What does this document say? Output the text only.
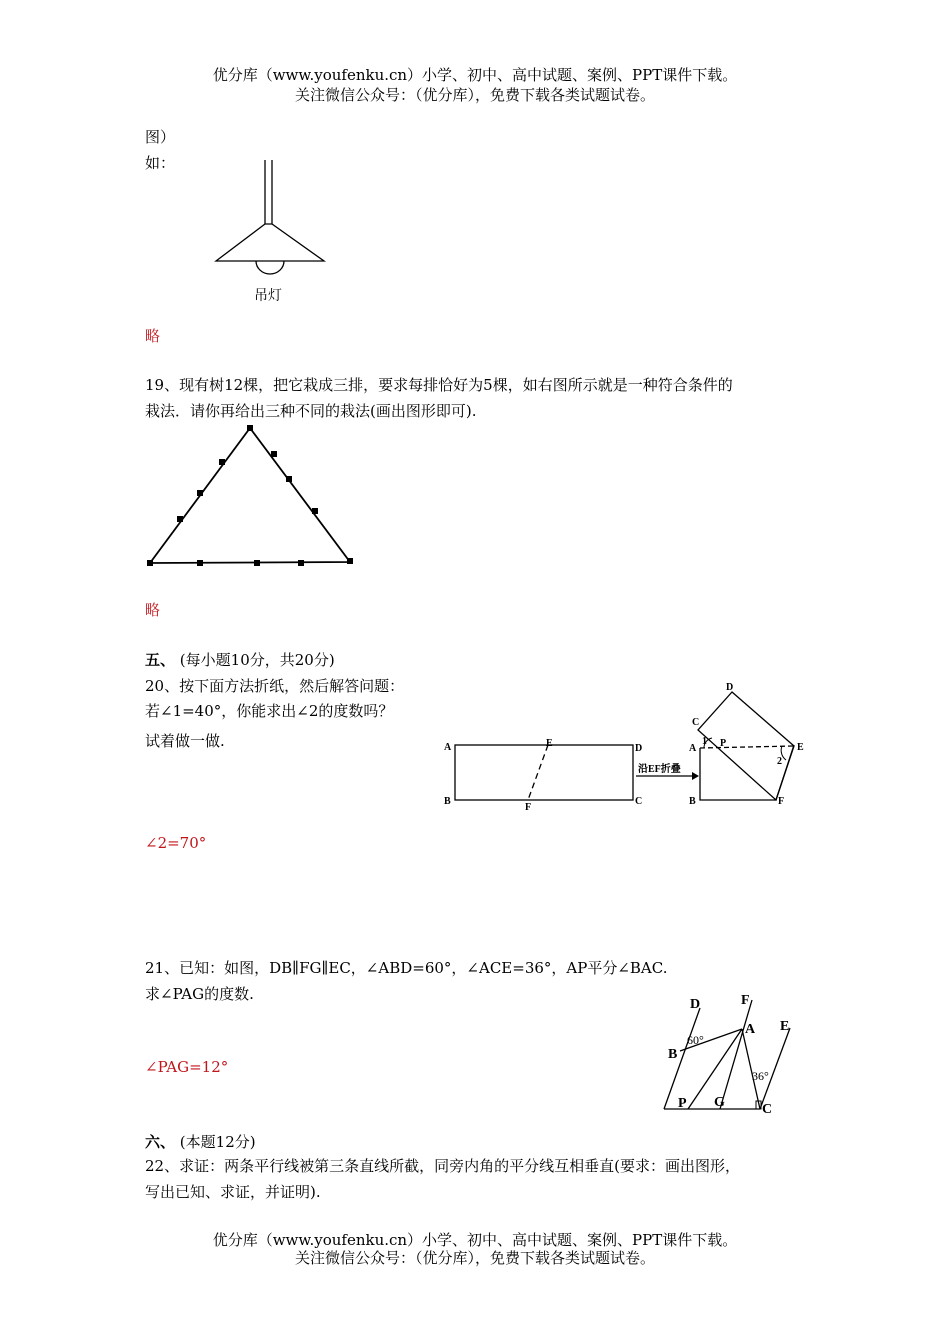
优分库（www.youfenku.cn）小学、初中、高中试题、案例、PPT课件下载。
关注微信公众号：（优分库），免费下载各类试题试卷。
图）
如：
吊灯
略
19、现有树12棵，把它栽成三排，要求每排恰好为5棵，如右图所示就是一种符合条件的
栽法．请你再给出三种不同的栽法(画出图形即可).
略
五、 (每小题10分，共20分)
20、按下面方法折纸，然后解答问题：
若∠1=40°，你能求出∠2的度数吗？
试着做一做.	A	E	D
B
F
C
沿EF折叠
D
C
A
1 P	E
2
B	F
∠2=70°
21、已知：如图，DB∥FG∥EC，∠ABD=60°，∠ACE=36°，AP平分∠BAC.
求∠PAG的度数.
D	F
E
A
B
P G	C
60°
36°
∠PAG=12°
六、 (本题12分)
22、求证：两条平行线被第三条直线所截，同旁内角的平分线互相垂直(要求：画出图形，
写出已知、求证，并证明).
优分库（www.youfenku.cn）小学、初中、高中试题、案例、PPT课件下载。
关注微信公众号：（优分库），免费下载各类试题试卷。
